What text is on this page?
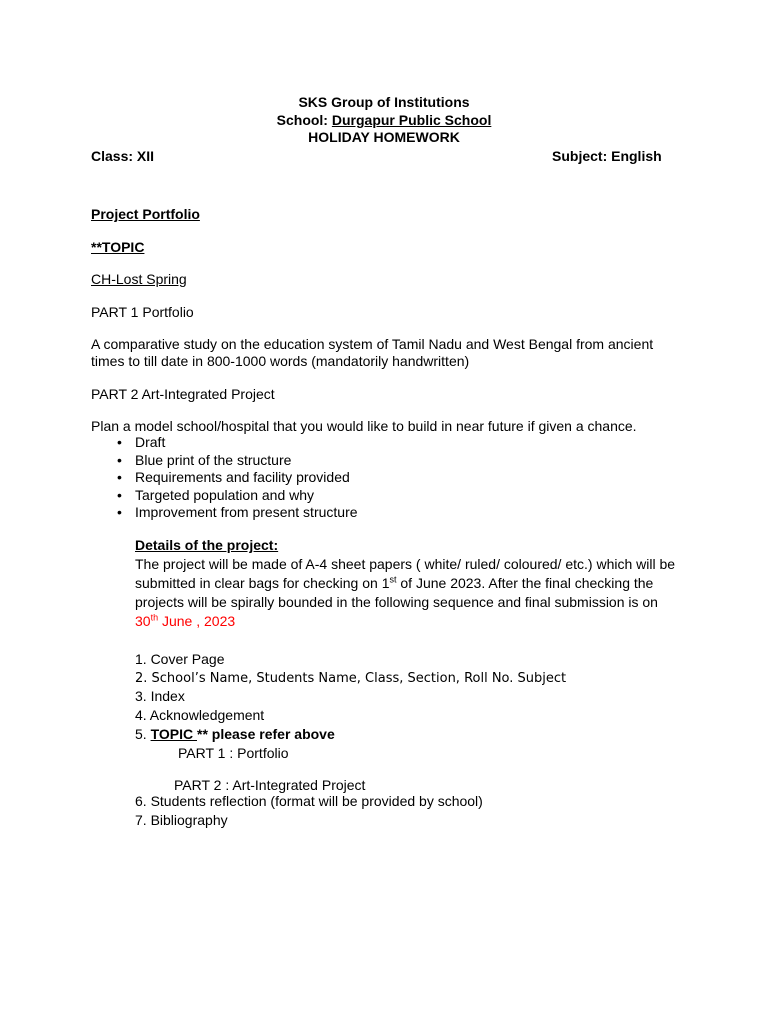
SKS Group of Institutions
School: Durgapur Public School
HOLIDAY HOMEWORK
Class: XII	Subject: English
Project Portfolio
**TOPIC
CH-Lost Spring
PART 1 Portfolio
A comparative study on the education system of Tamil Nadu and West Bengal from ancient
times to till date in 800-1000 words (mandatorily handwritten)
PART 2 Art-Integrated Project
Plan a model school/hospital that you would like to build in near future if given a chance.
• Draft
• Blue print of the structure
• Requirements and facility provided
• Targeted population and why
• Improvement from present structure
Details of the project:
The project will be made of A-4 sheet papers ( white/ ruled/ coloured/ etc.) which will be
submitted in clear bags for checking on 1st of June 2023. After the final checking the
projects will be spirally bounded in the following sequence and final submission is on
30th June , 2023
1. Cover Page
2. School’s Name, Students Name, Class, Section, Roll No. Subject
3. Index
4. Acknowledgement
5. TOPIC ** please refer above
PART 1 : Portfolio
PART 2 : Art-Integrated Project
6. Students reflection (format will be provided by school)
7. Bibliography
